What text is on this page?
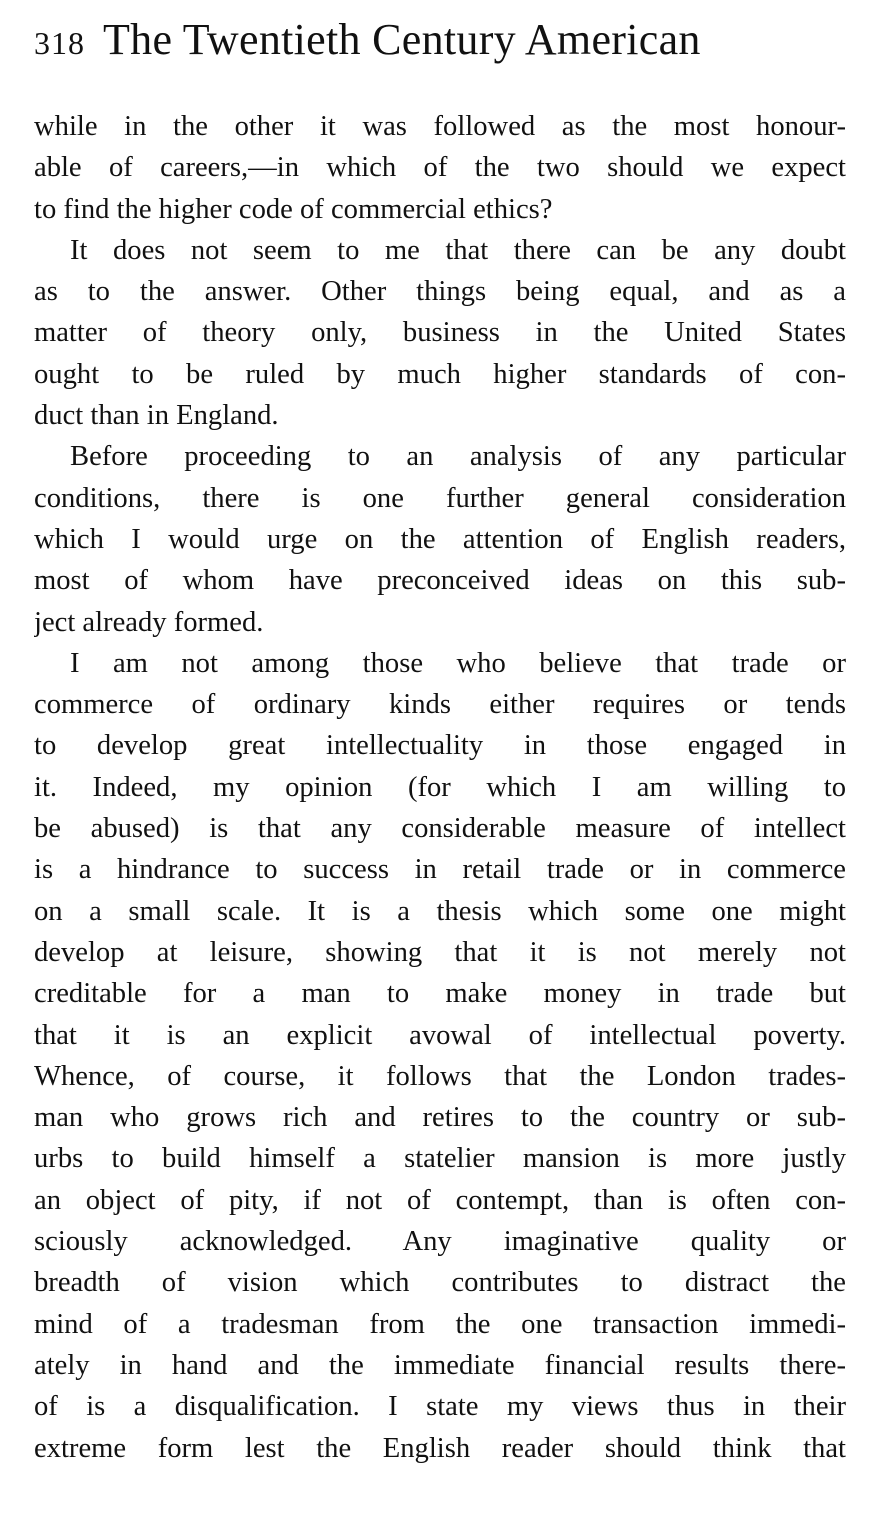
318 The Twentieth Century American
while in the other it was followed as the most honour-
able of careers,—in which of the two should we expect
to find the higher code of commercial ethics?
It does not seem to me that there can be any doubt
as to the answer. Other things being equal, and as a
matter of theory only, business in the United States
ought to be ruled by much higher standards of con-
duct than in England.
Before proceeding to an analysis of any particular
conditions, there is one further general consideration
which I would urge on the attention of English readers,
most of whom have preconceived ideas on this sub-
ject already formed.
I am not among those who believe that trade or
commerce of ordinary kinds either requires or tends
to develop great intellectuality in those engaged in
it. Indeed, my opinion (for which I am willing to
be abused) is that any considerable measure of intellect
is a hindrance to success in retail trade or in commerce
on a small scale. It is a thesis which some one might
develop at leisure, showing that it is not merely not
creditable for a man to make money in trade but
that it is an explicit avowal of intellectual poverty.
Whence, of course, it follows that the London trades-
man who grows rich and retires to the country or sub-
urbs to build himself a statelier mansion is more justly
an object of pity, if not of contempt, than is often con-
sciously acknowledged. Any imaginative quality or
breadth of vision which contributes to distract the
mind of a tradesman from the one transaction immedi-
ately in hand and the immediate financial results there-
of is a disqualification. I state my views thus in their
extreme form lest the English reader should think that
